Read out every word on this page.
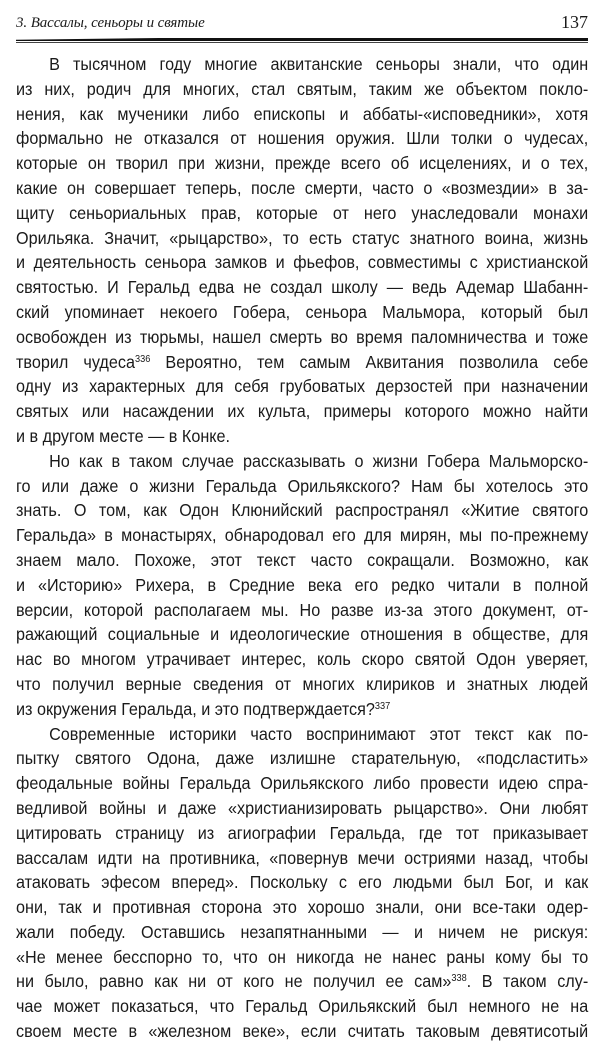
3. Вассалы, сеньоры и святые	137
В тысячном году многие аквитанские сеньоры знали, что один
из них, родич для многих, стал святым, таким же объектом покло-
нения, как мученики либо епископы и аббаты-«исповедники», хотя
формально не отказался от ношения оружия. Шли толки о чудесах,
которые он творил при жизни, прежде всего об исцелениях, и о тех,
какие он совершает теперь, после смерти, часто о «возмездии» в за-
щиту сеньориальных прав, которые от него унаследовали монахи
Орильяка. Значит, «рыцарство», то есть статус знатного воина, жизнь
и деятельность сеньора замков и фьефов, совместимы с христианской
святостью. И Геральд едва не создал школу — ведь Адемар Шабанн-
ский упоминает некоего Гобера, сеньора Мальмора, который был
освобожден из тюрьмы, нашел смерть во время паломничества и тоже
творил чудеса$^{336}$ Вероятно, тем самым Аквитания позволила себе
одну из характерных для себя грубоватых дерзостей при назначении
святых или насаждении их культа, примеры которого можно найти
и в другом месте — в Конке.
Но как в таком случае рассказывать о жизни Гобера Мальморско-
го или даже о жизни Геральда Орильякского? Нам бы хотелось это
знать. О том, как Одон Клюнийский распространял «Житие святого
Геральда» в монастырях, обнародовал его для мирян, мы по-прежнему
знаем мало. Похоже, этот текст часто сокращали. Возможно, как
и «Историю» Рихера, в Средние века его редко читали в полной
версии, которой располагаем мы. Но разве из-за этого документ, от-
ражающий социальные и идеологические отношения в обществе, для
нас во многом утрачивает интерес, коль скоро святой Одон уверяет,
что получил верные сведения от многих клириков и знатных людей
из окружения Геральда, и это подтверждается?$^{337}$
Современные историки часто воспринимают этот текст как по-
пытку святого Одона, даже излишне старательную, «подсластить»
феодальные войны Геральда Орильякского либо провести идею спра-
ведливой войны и даже «христианизировать рыцарство». Они любят
цитировать страницу из агиографии Геральда, где тот приказывает
вассалам идти на противника, «повернув мечи остриями назад, чтобы
атаковать эфесом вперед». Поскольку с его людьми был Бог, и как
они, так и противная сторона это хорошо знали, они все-таки одер-
жали победу. Оставшись незапятнанными — и ничем не рискуя:
«Не менее бесспорно то, что он никогда не нанес раны кому бы то
ни было, равно как ни от кого не получил ее сам»$^{338}$. В таком слу-
чае может показаться, что Геральд Орильякский был немного не на
своем месте в «железном веке», если считать таковым девятисотый
